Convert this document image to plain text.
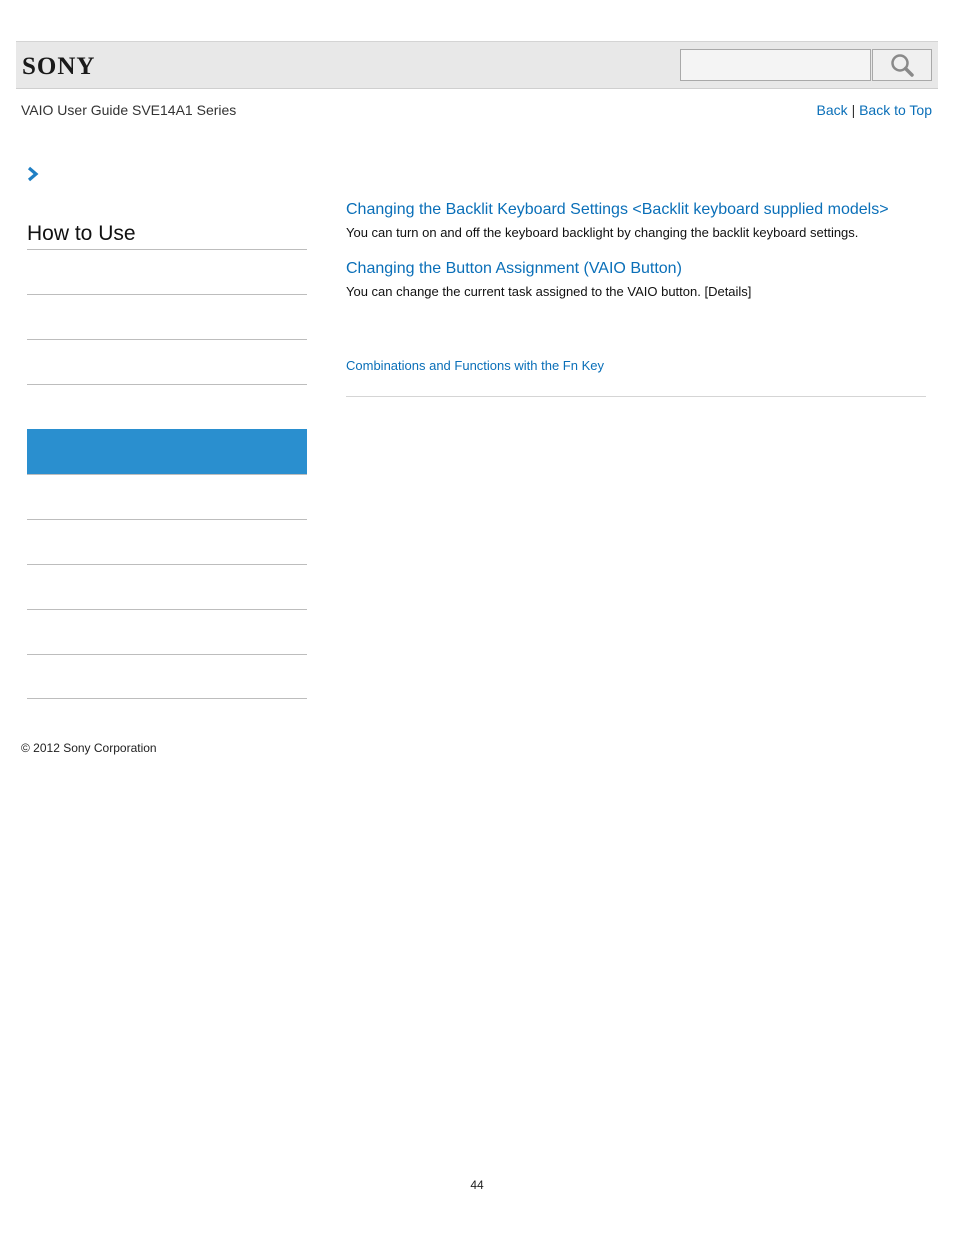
SONY
VAIO User Guide SVE14A1 Series	Back | Back to Top
How to Use
Changing the Backlit Keyboard Settings <Backlit keyboard supplied models>
You can turn on and off the keyboard backlight by changing the backlit keyboard settings.
Changing the Button Assignment (VAIO Button)
You can change the current task assigned to the VAIO button. [Details]
Combinations and Functions with the Fn Key
© 2012 Sony Corporation
44
